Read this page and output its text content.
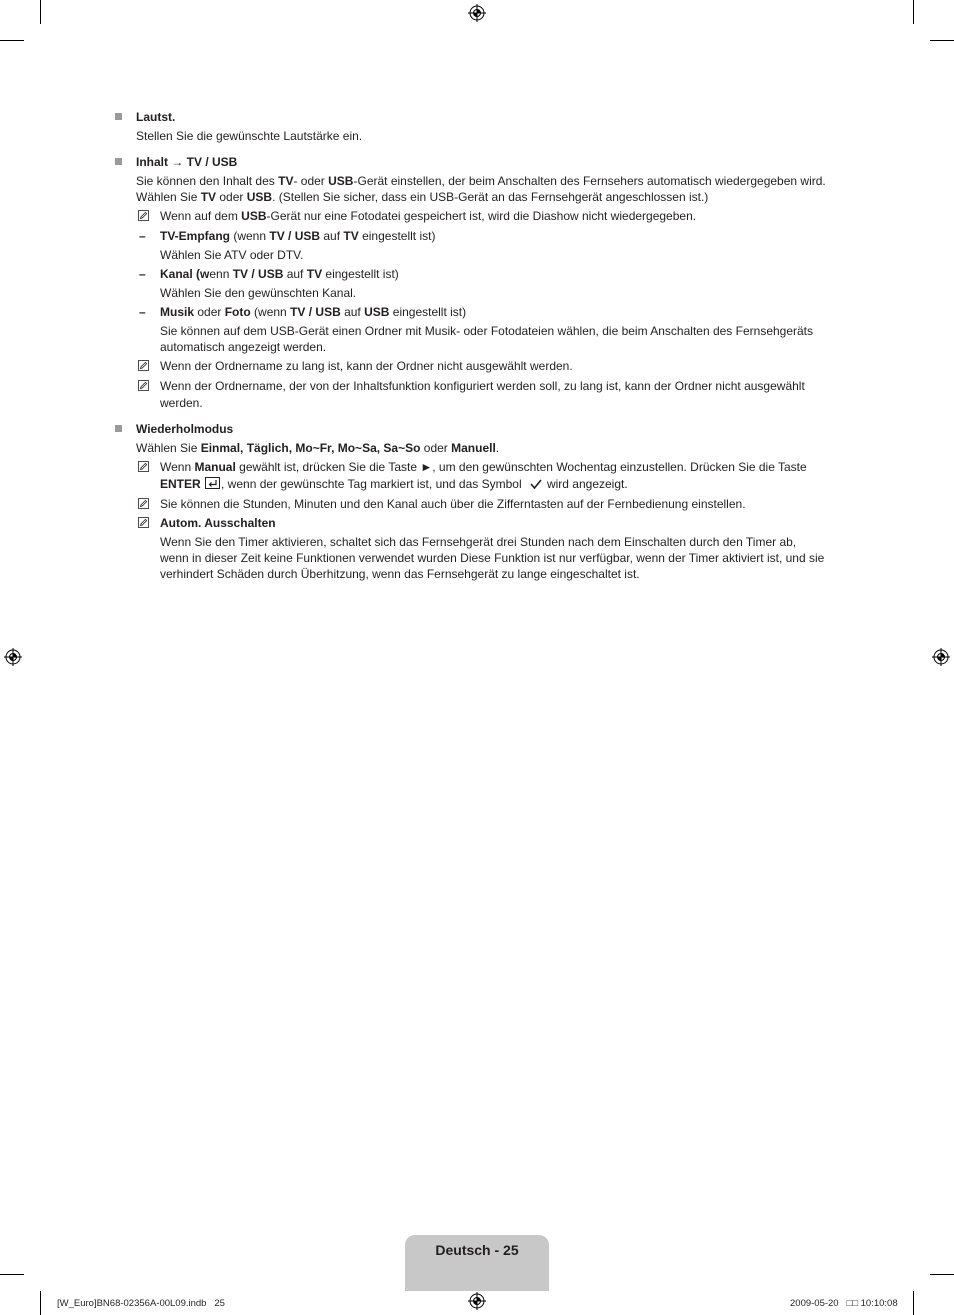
Lautst.
Stellen Sie die gewünschte Lautstärke ein.
Inhalt → TV / USB
Sie können den Inhalt des TV- oder USB-Gerät einstellen, der beim Anschalten des Fernsehers automatisch wiedergegeben wird.
Wählen Sie TV oder USB. (Stellen Sie sicher, dass ein USB-Gerät an das Fernsehgerät angeschlossen ist.)
Wenn auf dem USB-Gerät nur eine Fotodatei gespeichert ist, wird die Diashow nicht wiedergegeben.
– TV-Empfang (wenn TV / USB auf TV eingestellt ist)
Wählen Sie ATV oder DTV.
– Kanal (wenn TV / USB auf TV eingestellt ist)
Wählen Sie den gewünschten Kanal.
– Musik oder Foto (wenn TV / USB auf USB eingestellt ist)
Sie können auf dem USB-Gerät einen Ordner mit Musik- oder Fotodateien wählen, die beim Anschalten des Fernsehgeräts
automatisch angezeigt werden.
Wenn der Ordnername zu lang ist, kann der Ordner nicht ausgewählt werden.
Wenn der Ordnername, der von der Inhaltsfunktion konfiguriert werden soll, zu lang ist, kann der Ordner nicht ausgewählt
werden.
Wiederholmodus
Wählen Sie Einmal, Täglich, Mo~Fr, Mo~Sa, Sa~So oder Manuell.
Wenn Manual gewählt ist, drücken Sie die Taste ►, um den gewünschten Wochentag einzustellen. Drücken Sie die Taste
ENTER , wenn der gewünschte Tag markiert ist, und das Symbol wird angezeigt.
Sie können die Stunden, Minuten und den Kanal auch über die Zifferntasten auf der Fernbedienung einstellen.
Autom. Ausschalten
Wenn Sie den Timer aktivieren, schaltet sich das Fernsehgerät drei Stunden nach dem Einschalten durch den Timer ab,
wenn in dieser Zeit keine Funktionen verwendet wurden Diese Funktion ist nur verfügbar, wenn der Timer aktiviert ist, und sie
verhindert Schäden durch Überhitzung, wenn das Fernsehgerät zu lange eingeschaltet ist.
Deutsch - 25
[W_Euro]BN68-02356A-00L09.indb   25	2009-05-20   □□ 10:10:08
